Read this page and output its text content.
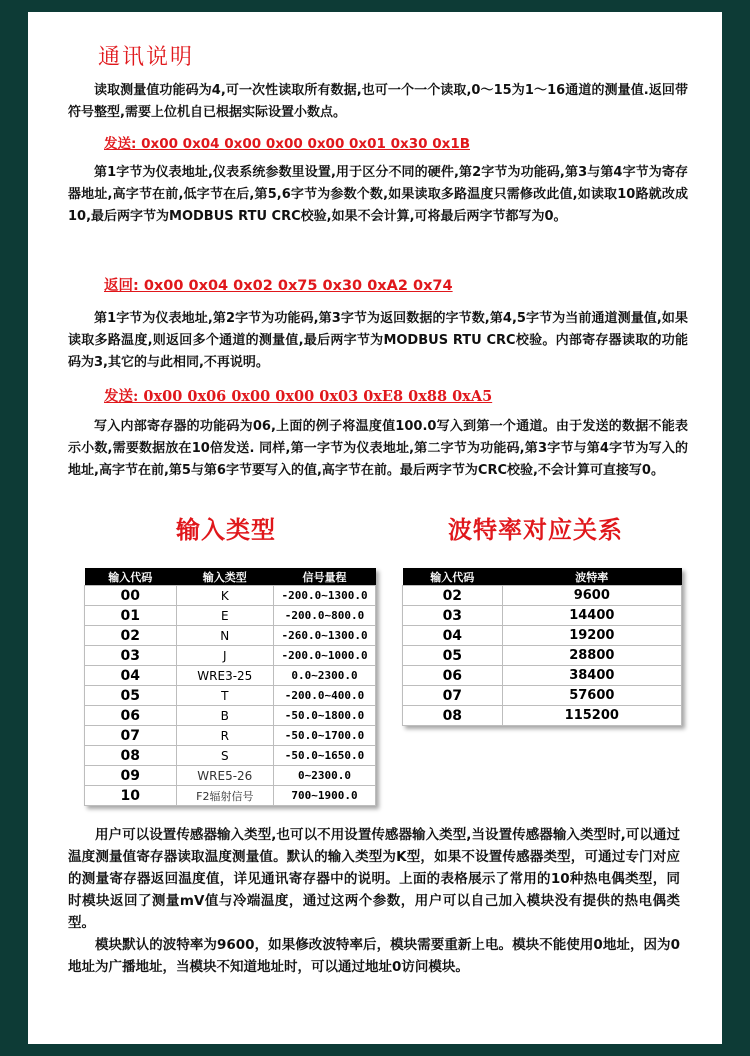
通讯说明
读取测量值功能码为4,可一次性读取所有数据,也可一个一个读取,0～15为1～16通道的测量值.返回带符号整型,需要上位机自已根据实际设置小数点。
发送: 0x00 0x04 0x00 0x00 0x00 0x01 0x30 0x1B
第1字节为仪表地址,仪表系统参数里设置,用于区分不同的硬件,第2字节为功能码,第3与第4字节为寄存器地址,高字节在前,低字节在后,第5,6字节为参数个数,如果读取多路温度只需修改此值,如读取10路就改成10,最后两字节为MODBUS RTU CRC校验,如果不会计算,可将最后两字节都写为0。
返回: 0x00 0x04 0x02 0x75 0x30 0xA2 0x74
第1字节为仪表地址,第2字节为功能码,第3字节为返回数据的字节数,第4,5字节为当前通道测量值,如果读取多路温度,则返回多个通道的测量值,最后两字节为MODBUS RTU CRC校验。内部寄存器读取的功能码为3,其它的与此相同,不再说明。
发送: 0x00 0x06 0x00 0x00 0x03 0xE8 0x88 0xA5
写入内部寄存器的功能码为06,上面的例子将温度值100.0写入到第一个通道。由于发送的数据不能表示小数,需要数据放在10倍发送. 同样,第一字节为仪表地址,第二字节为功能码,第3字节与第4字节为写入的地址,高字节在前,第5与第6字节要写入的值,高字节在前。最后两字节为CRC校验,不会计算可直接写0。
输入类型	波特率对应关系
输入代码	输入类型	信号量程
00	K	-200.0~1300.0
01	E	-200.0~800.0
02	N	-260.0~1300.0
03	J	-200.0~1000.0
04	WRE3-25	0.0~2300.0
05	T	-200.0~400.0
06	B	-50.0~1800.0
07	R	-50.0~1700.0
08	S	-50.0~1650.0
09	WRE5-26	0~2300.0
10	F2辐射信号	700~1900.0
输入代码	波特率
02	9600
03	14400
04	19200
05	28800
06	38400
07	57600
08	115200
用户可以设置传感器输入类型,也可以不用设置传感器输入类型,当设置传感器输入类型时,可以通过温度测量值寄存器读取温度测量值。默认的输入类型为K型，如果不设置传感器类型，可通过专门对应的测量寄存器返回温度值，详见通讯寄存器中的说明。上面的表格展示了常用的10种热电偶类型，同时模块返回了测量mV值与冷端温度，通过这两个参数，用户可以自己加入模块没有提供的热电偶类型。
模块默认的波特率为9600，如果修改波特率后，模块需要重新上电。模块不能使用0地址，因为0地址为广播地址，当模块不知道地址时，可以通过地址0访问模块。
